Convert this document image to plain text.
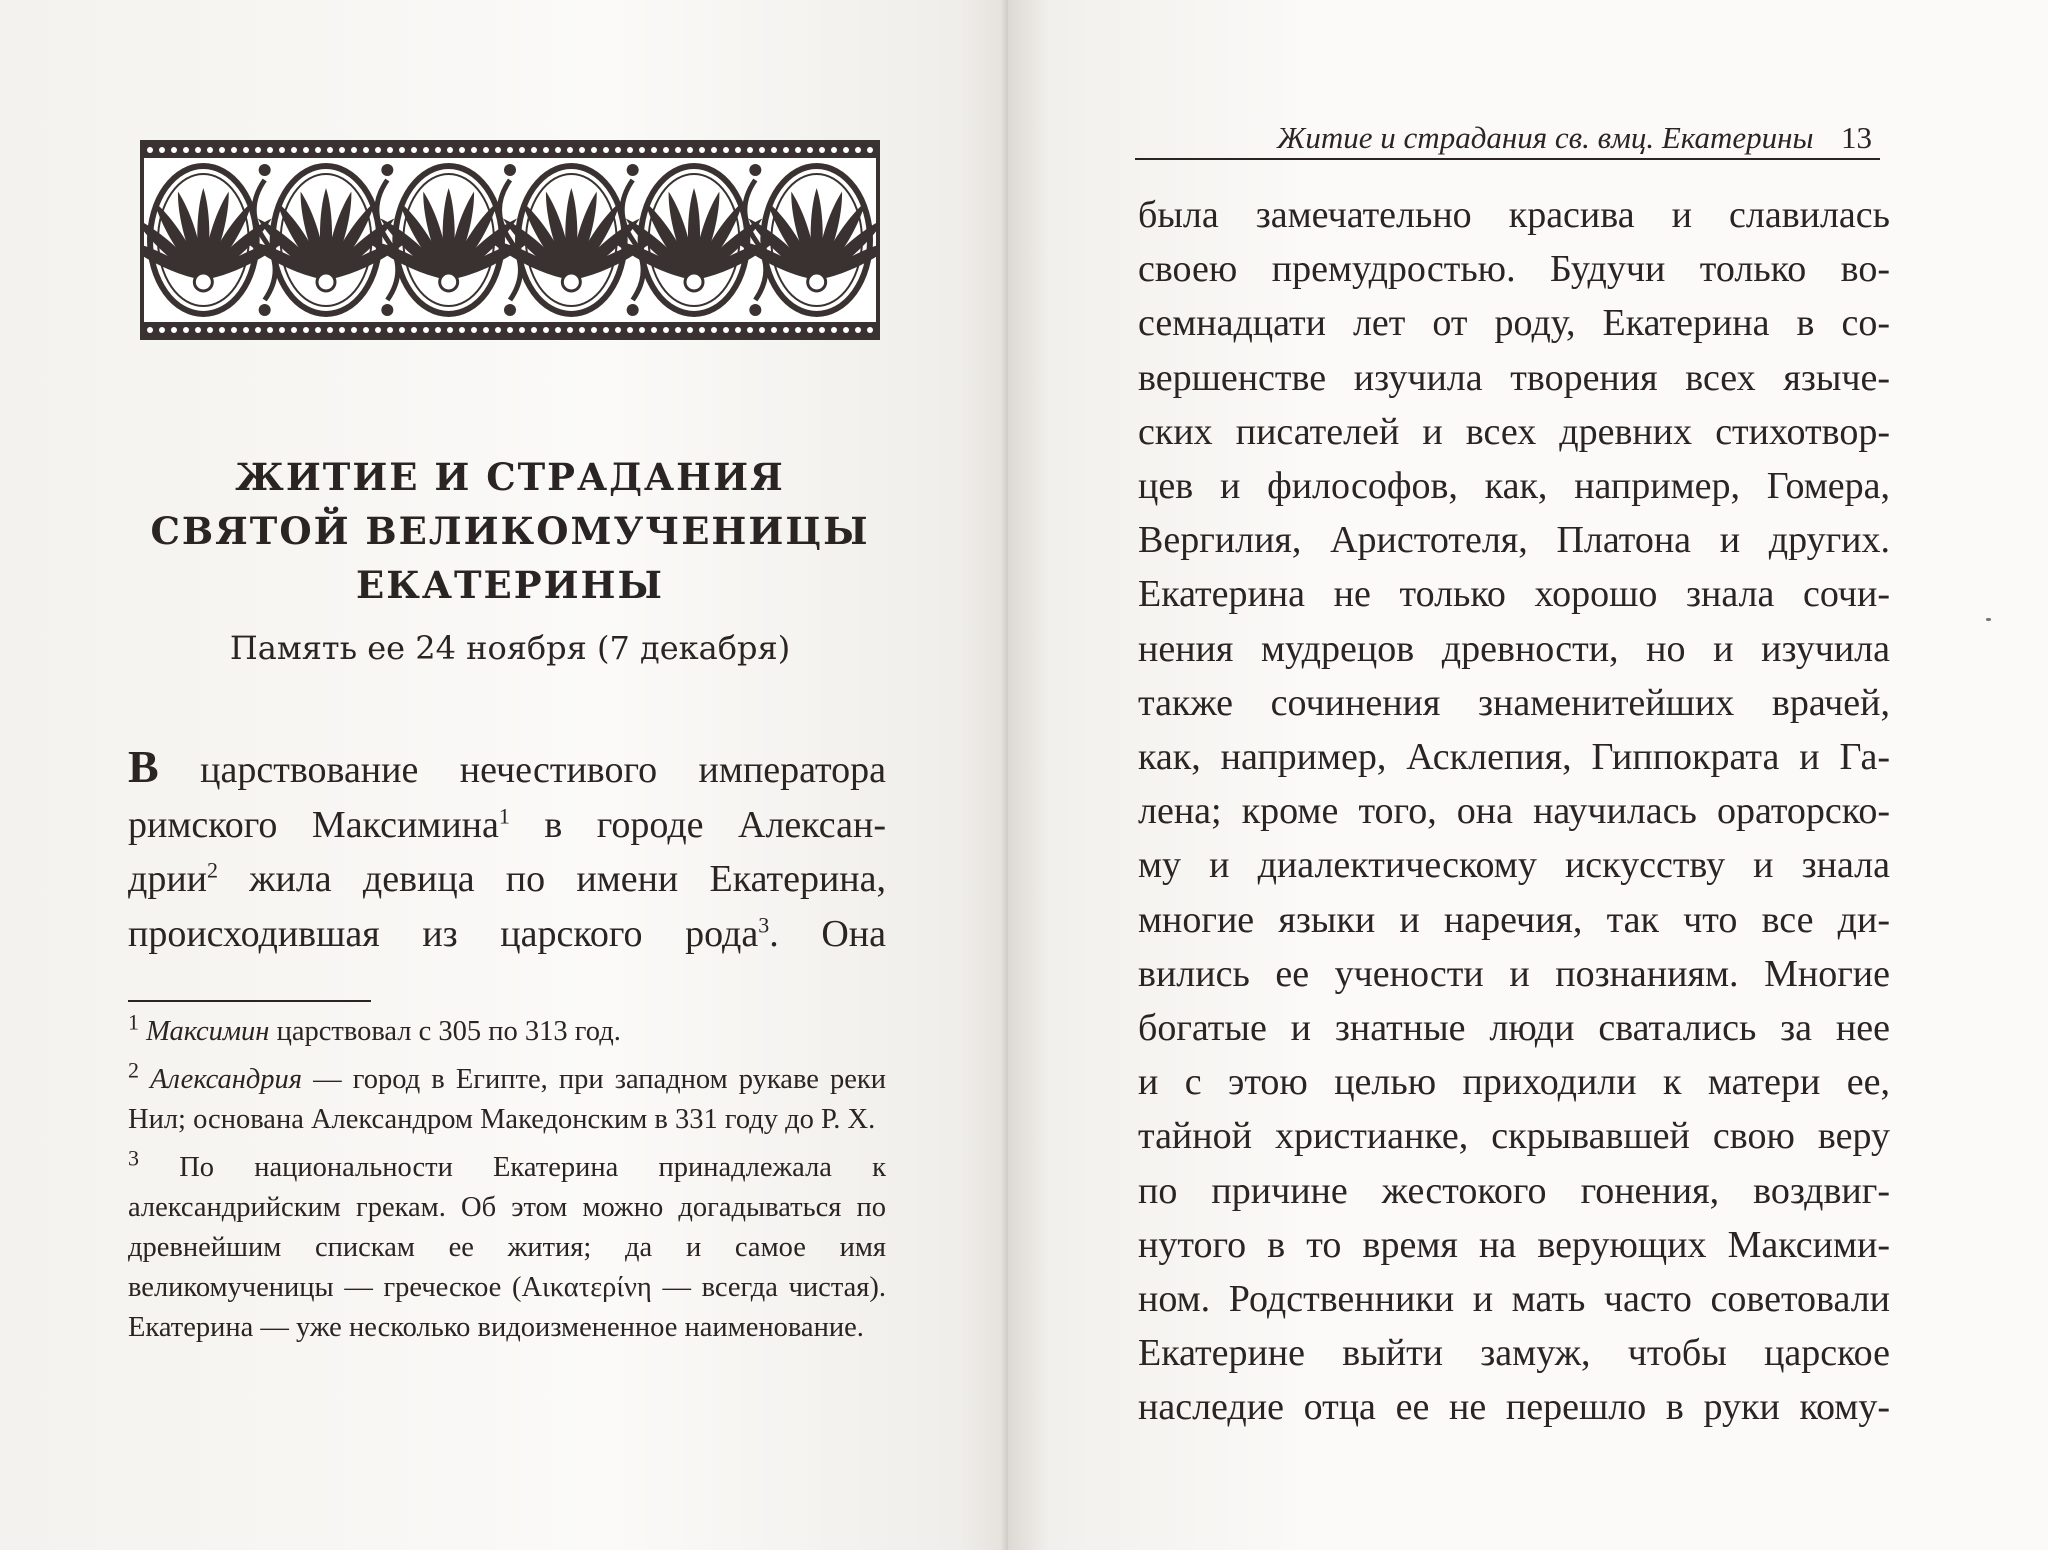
ЖИТИЕ И СТРАДАНИЯ
СВЯТОЙ ВЕЛИКОМУЧЕНИЦЫ
ЕКАТЕРИНЫ
Память ее 24 ноября (7 декабря)
В царствование нечестивого императора
римского Максимина$^1$ в городе Алексан-
дрии$^2$ жила девица по имени Екатерина,
происходившая из царского рода$^3$. Она
$^1$ Максимин царствовал с 305 по 313 год.
$^2$ Александрия — город в Египте, при западном рукаве реки Нил; основана Александром Македонским в 331 году до Р. Х.
$^3$ По национальности Екатерина принадлежала к александрийским грекам. Об этом можно догадываться по древнейшим спискам ее жития; да и самое имя великомученицы — греческое (Αικατερίνη — всегда чистая). Екатерина — уже несколько видоизмененное наименование.
Житие и страдания св. вмц. Екатерины 13
была замечательно красива и славилась
своею премудростью. Будучи только во-
семнадцати лет от роду, Екатерина в со-
вершенстве изучила творения всех языче-
ских писателей и всех древних стихотвор-
цев и философов, как, например, Гомера,
Вергилия, Аристотеля, Платона и других.
Екатерина не только хорошо знала сочи-
нения мудрецов древности, но и изучила
также сочинения знаменитейших врачей,
как, например, Асклепия, Гиппократа и Га-
лена; кроме того, она научилась ораторско-
му и диалектическому искусству и знала
многие языки и наречия, так что все ди-
вились ее учености и познаниям. Многие
богатые и знатные люди сватались за нее
и с этою целью приходили к матери ее,
тайной христианке, скрывавшей свою веру
по причине жестокого гонения, воздвиг-
нутого в то время на верующих Максими-
ном. Родственники и мать часто советовали
Екатерине выйти замуж, чтобы царское
наследие отца ее не перешло в руки кому-
